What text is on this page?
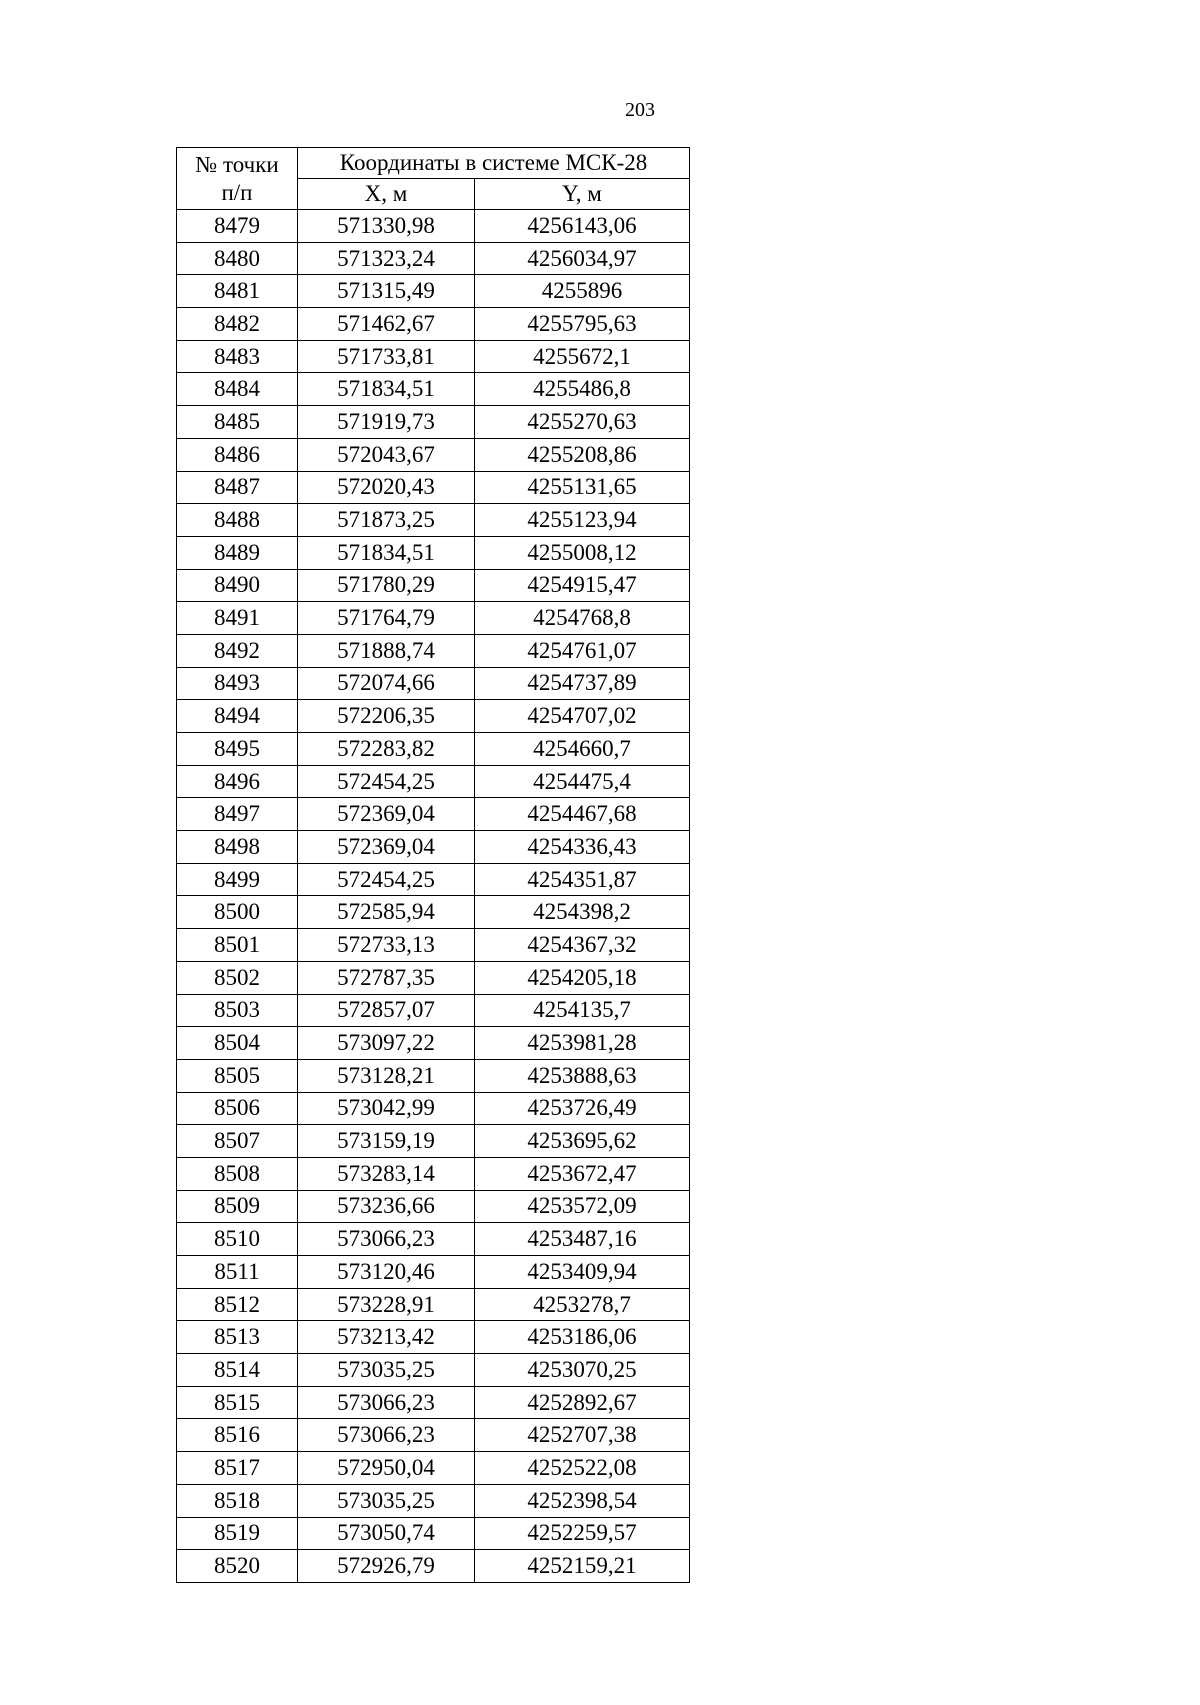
203
№ точки
п/п	Координаты в системе МСК-28	
	X, м	Y, м
8479	571330,98	4256143,06
8480	571323,24	4256034,97
8481	571315,49	4255896
8482	571462,67	4255795,63
8483	571733,81	4255672,1
8484	571834,51	4255486,8
8485	571919,73	4255270,63
8486	572043,67	4255208,86
8487	572020,43	4255131,65
8488	571873,25	4255123,94
8489	571834,51	4255008,12
8490	571780,29	4254915,47
8491	571764,79	4254768,8
8492	571888,74	4254761,07
8493	572074,66	4254737,89
8494	572206,35	4254707,02
8495	572283,82	4254660,7
8496	572454,25	4254475,4
8497	572369,04	4254467,68
8498	572369,04	4254336,43
8499	572454,25	4254351,87
8500	572585,94	4254398,2
8501	572733,13	4254367,32
8502	572787,35	4254205,18
8503	572857,07	4254135,7
8504	573097,22	4253981,28
8505	573128,21	4253888,63
8506	573042,99	4253726,49
8507	573159,19	4253695,62
8508	573283,14	4253672,47
8509	573236,66	4253572,09
8510	573066,23	4253487,16
8511	573120,46	4253409,94
8512	573228,91	4253278,7
8513	573213,42	4253186,06
8514	573035,25	4253070,25
8515	573066,23	4252892,67
8516	573066,23	4252707,38
8517	572950,04	4252522,08
8518	573035,25	4252398,54
8519	573050,74	4252259,57
8520	572926,79	4252159,21
